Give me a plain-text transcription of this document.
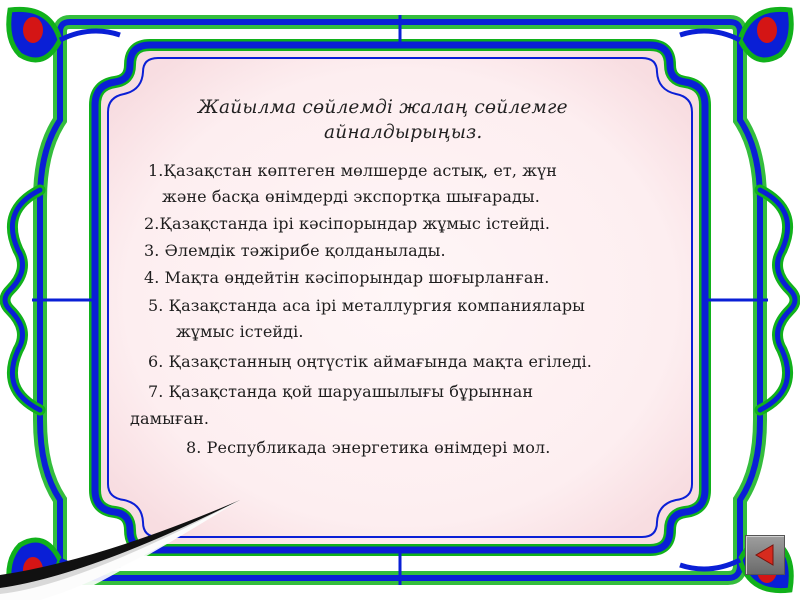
Жайылма сөйлемді жалаң сөйлемге
айналдырыңыз.
1.Қазақстан көптеген мөлшерде астық, ет, жүн
және басқа өнімдерді экспортқа шығарады.
2.Қазақстанда ірі кәсіпорындар жұмыс істейді.
3. Әлемдік тәжірибе қолданылады.
4. Мақта өңдейтін кәсіпорындар шоғырланған.
5. Қазақстанда аса ірі металлургия компаниялары
жұмыс істейді.
6. Қазақстанның оңтүстік аймағында мақта егіледі.
7. Қазақстанда қой шаруашылығы бұрыннан
дамыған.
8. Республикада энергетика өнімдері мол.
